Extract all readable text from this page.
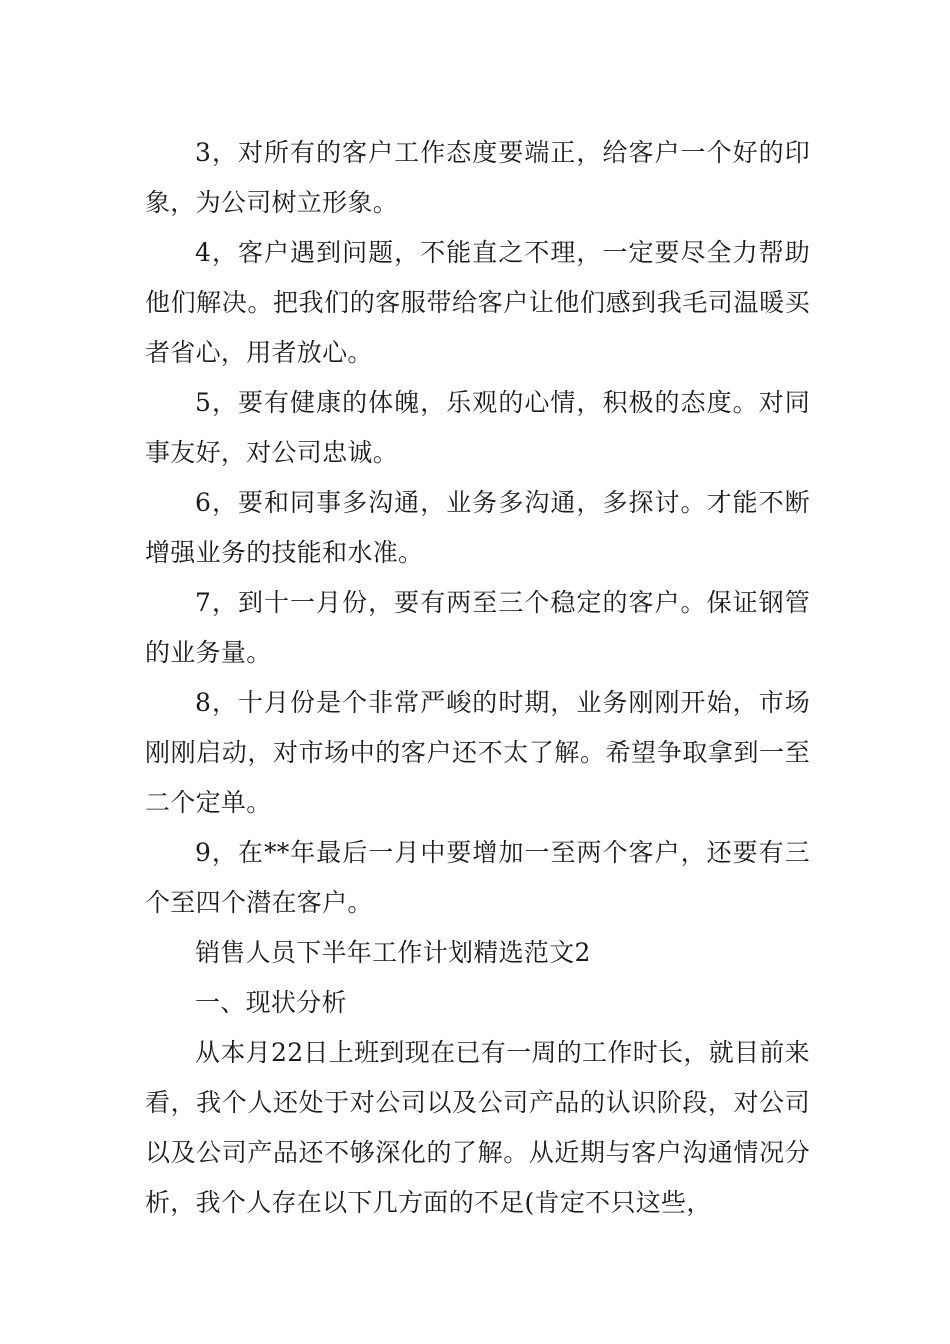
3，对所有的客户工作态度要端正，给客户一个好的印象，为公司树立形象。

4，客户遇到问题，不能直之不理，一定要尽全力帮助他们解决。把我们的客服带给客户让他们感到我毛司温暖买者省心，用者放心。

5，要有健康的体魄，乐观的心情，积极的态度。对同事友好，对公司忠诚。

6，要和同事多沟通，业务多沟通，多探讨。才能不断增强业务的技能和水准。

7，到十一月份，要有两至三个稳定的客户。保证钢管的业务量。

8，十月份是个非常严峻的时期，业务刚刚开始，市场刚刚启动，对市场中的客户还不太了解。希望争取拿到一至二个定单。

9，在**年最后一月中要增加一至两个客户，还要有三个至四个潜在客户。

销售人员下半年工作计划精选范文2

一、现状分析

从本月22日上班到现在已有一周的工作时长，就目前来看，我个人还处于对公司以及公司产品的认识阶段，对公司以及公司产品还不够深化的了解。从近期与客户沟通情况分析，我个人存在以下几方面的不足(肯定不只这些，
